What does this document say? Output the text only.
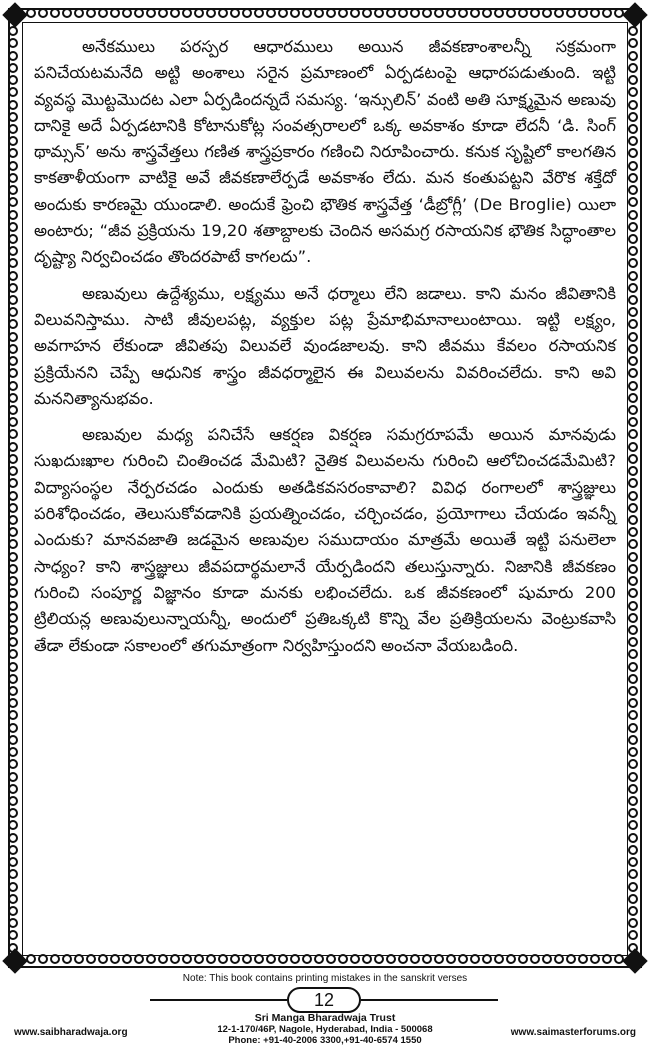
అనేకములు పరస్పర ఆధారములు అయిన జీవకణాంశాలన్నీ సక్రమంగా పనిచేయటమనేది అట్టి అంశాలు సరైన ప్రమాణంలో ఏర్పడటంపై ఆధారపడుతుంది. ఇట్టి వ్యవస్థ మొట్టమొదట ఎలా ఏర్పడిందన్నదే సమస్య. ‘ఇన్సులిన్’ వంటి అతి సూక్ష్మమైన అణువు దానికై అదే ఏర్పడటానికి కోటానుకోట్ల సంవత్సరాలలో ఒక్క అవకాశం కూడా లేదనీ ‘డి. సింగ్ థామ్సన్’ అను శాస్త్రవేత్తలు గణిత శాస్త్రప్రకారం గణించి నిరూపించారు. కనుక సృష్టిలో కాలగతిన కాకతాళీయంగా వాటికై అవే జీవకణాలేర్పడే అవకాశం లేదు. మన కంతుపట్టని వేరొక శక్తేదో అందుకు కారణమై యుండాలి. అందుకే ఫ్రెంచి భౌతిక శాస్త్రవేత్త ‘డీబ్రోగ్లీ’ (De Broglie) యిలా అంటారు; “జీవ ప్రక్రియను 19,20 శతాబ్దాలకు చెందిన అసమగ్ర రసాయనిక భౌతిక సిద్ధాంతాల దృష్ట్యా నిర్వచించడం తొందరపాటే కాగలదు”.

అణువులు ఉద్దేశ్యము, లక్ష్యము అనే ధర్మాలు లేని జడాలు. కాని మనం జీవితానికి విలువనిస్తాము. సాటి జీవులపట్ల, వ్యక్తుల పట్ల ప్రేమాభిమానాలుంటాయి. ఇట్టి లక్ష్యం, అవగాహన లేకుండా జీవితపు విలువలే వుండజాలవు. కాని జీవము కేవలం రసాయనిక ప్రక్రియేనని చెప్పే ఆధునిక శాస్త్రం జీవధర్మాలైన ఈ విలువలను వివరించలేదు. కాని అవి మననిత్యానుభవం.

అణువుల మధ్య పనిచేసే ఆకర్షణ వికర్షణ సమగ్రరూపమే అయిన మానవుడు సుఖదుఃఖాల గురించి చింతించడ మేమిటి? నైతిక విలువలను గురించి ఆలోచించడమేమిటి? విద్యాసంస్థల నేర్పరచడం ఎందుకు అతడికవసరంకావాలి? వివిధ రంగాలలో శాస్త్రజ్ఞులు పరిశోధించడం, తెలుసుకోవడానికి ప్రయత్నించడం, చర్చించడం, ప్రయోగాలు చేయడం ఇవన్నీ ఎందుకు? మానవజాతి జడమైన అణువుల సముదాయం మాత్రమే అయితే ఇట్టి పనులెలా సాధ్యం? కాని శాస్త్రజ్ఞులు జీవపదార్థమలానే యేర్పడిందని తలుస్తున్నారు. నిజానికి జీవకణం గురించి సంపూర్ణ విజ్ఞానం కూడా మనకు లభించలేదు. ఒక జీవకణంలో షుమారు 200 ట్రిలియన్ల అణువులున్నాయన్నీ, అందులో ప్రతిఒక్కటి కొన్ని వేల ప్రతిక్రియలను వెంట్రుకవాసి తేడా లేకుండా సకాలంలో తగుమాత్రంగా నిర్వహిస్తుందని అంచనా వేయబడింది.

Note: This book contains printing mistakes in the sanskrit verses
12
www.saibharadwaja.org
Sri Manga Bharadwaja Trust
12-1-170/46P, Nagole, Hyderabad, India - 500068
Phone: +91-40-2006 3300,+91-40-6574 1550
www.saimasterforums.org
